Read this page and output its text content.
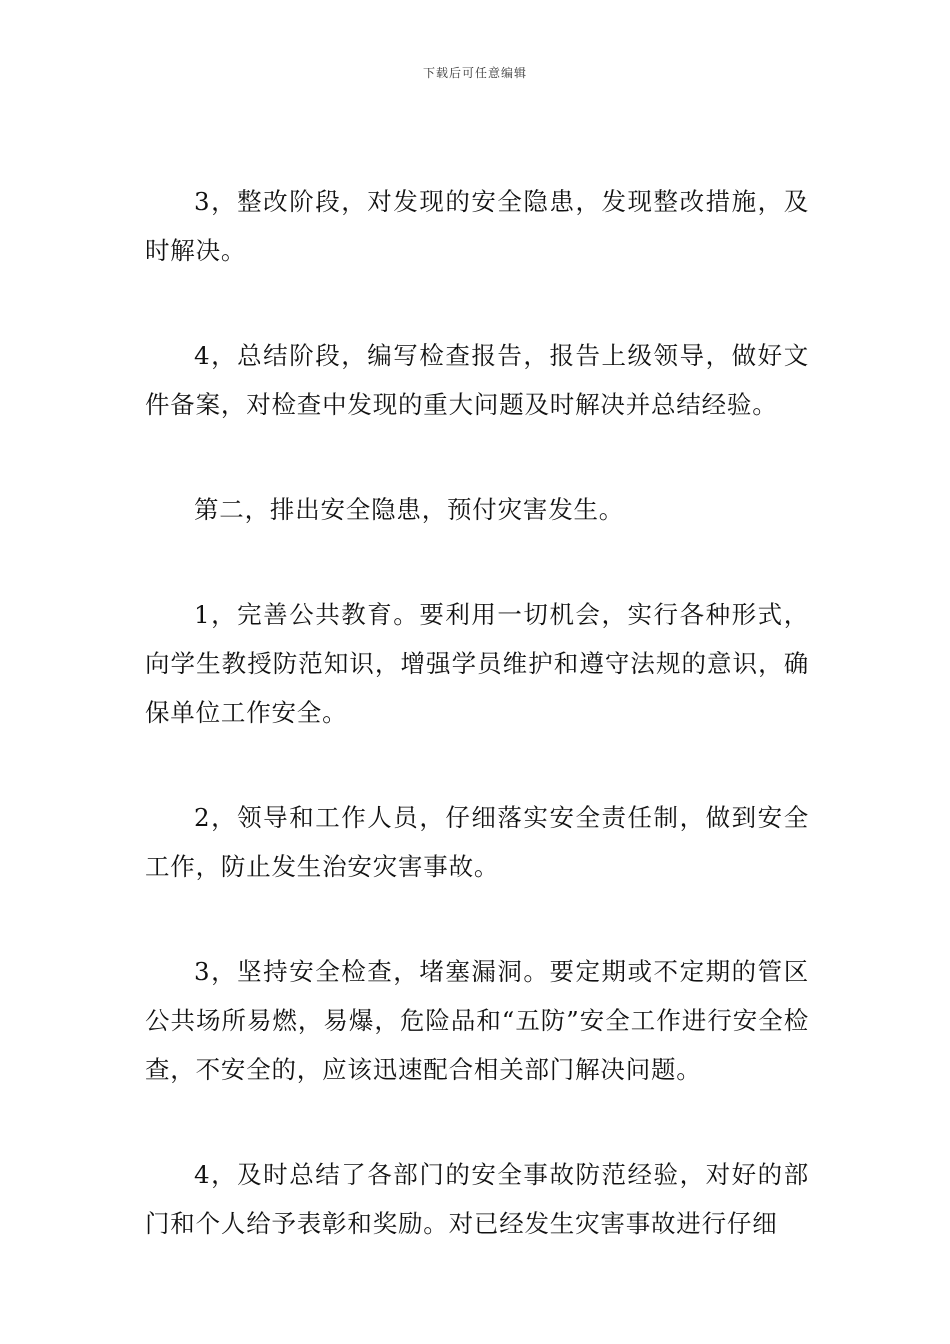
下载后可任意编辑

3，整改阶段，对发现的安全隐患，发现整改措施，及时解决。

4，总结阶段，编写检查报告，报告上级领导，做好文件备案，对检查中发现的重大问题及时解决并总结经验。

第二，排出安全隐患，预付灾害发生。

1，完善公共教育。要利用一切机会，实行各种形式，向学生教授防范知识，增强学员维护和遵守法规的意识，确保单位工作安全。

2，领导和工作人员，仔细落实安全责任制，做到安全工作，防止发生治安灾害事故。

3，坚持安全检查，堵塞漏洞。要定期或不定期的管区公共场所易燃，易爆，危险品和“五防”安全工作进行安全检查，不安全的，应该迅速配合相关部门解决问题。

4，及时总结了各部门的安全事故防范经验，对好的部门和个人给予表彰和奖励。对已经发生灾害事故进行仔细
